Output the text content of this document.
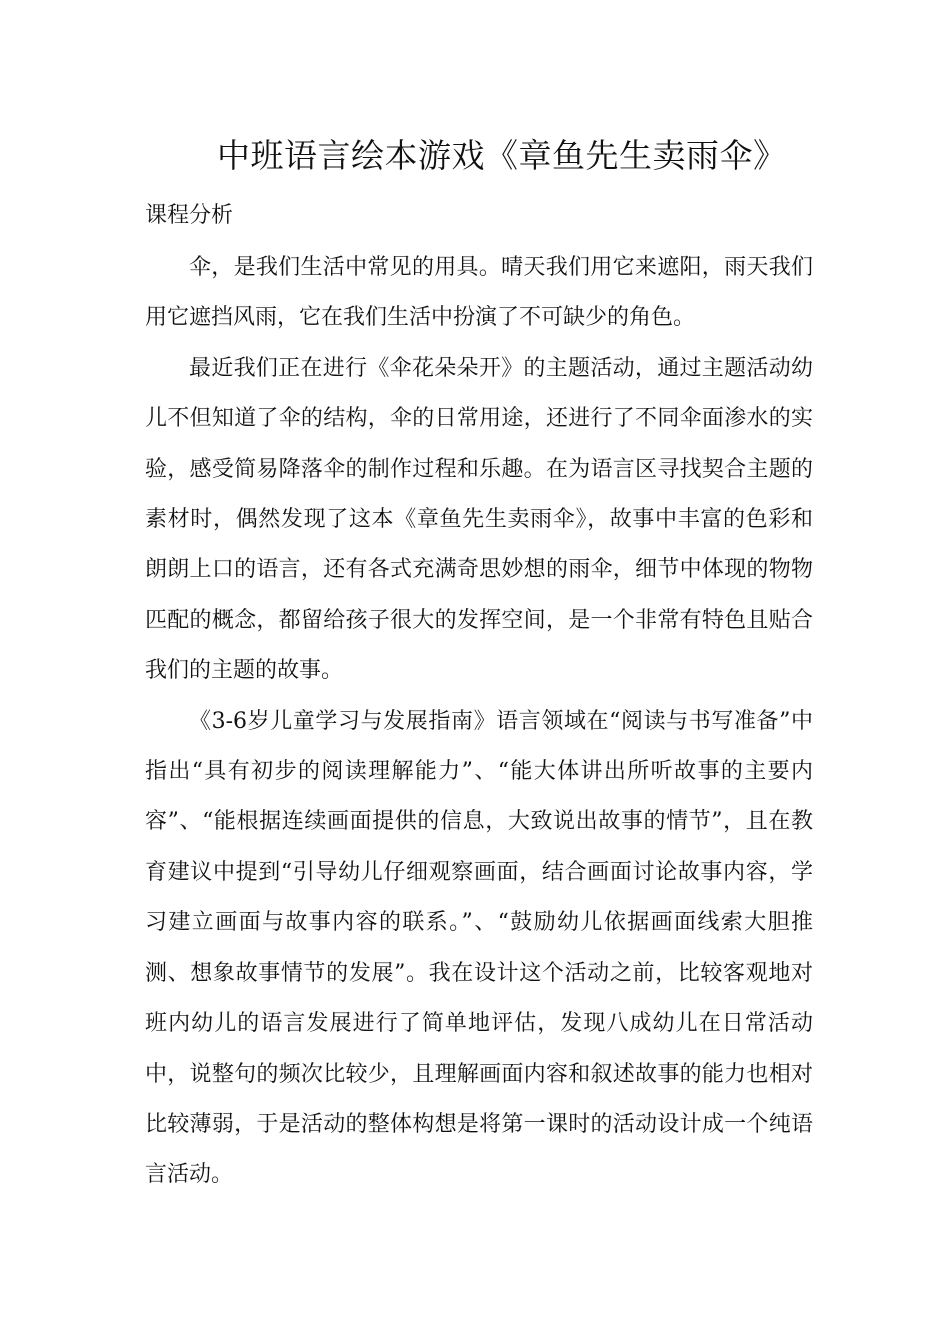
中班语言绘本游戏《章鱼先生卖雨伞》
课程分析

伞，是我们生活中常见的用具。晴天我们用它来遮阳，雨天我们用它遮挡风雨，它在我们生活中扮演了不可缺少的角色。

最近我们正在进行《伞花朵朵开》的主题活动，通过主题活动幼儿不但知道了伞的结构，伞的日常用途，还进行了不同伞面渗水的实验，感受简易降落伞的制作过程和乐趣。在为语言区寻找契合主题的素材时，偶然发现了这本《章鱼先生卖雨伞》，故事中丰富的色彩和朗朗上口的语言，还有各式充满奇思妙想的雨伞，细节中体现的物物匹配的概念，都留给孩子很大的发挥空间，是一个非常有特色且贴合我们的主题的故事。

《3-6岁儿童学习与发展指南》语言领域在“阅读与书写准备”中指出“具有初步的阅读理解能力”、“能大体讲出所听故事的主要内容”、“能根据连续画面提供的信息，大致说出故事的情节”，且在教育建议中提到“引导幼儿仔细观察画面，结合画面讨论故事内容，学习建立画面与故事内容的联系。”、“鼓励幼儿依据画面线索大胆推测、想象故事情节的发展”。我在设计这个活动之前，比较客观地对班内幼儿的语言发展进行了简单地评估，发现八成幼儿在日常活动中，说整句的频次比较少，且理解画面内容和叙述故事的能力也相对比较薄弱，于是活动的整体构想是将第一课时的活动设计成一个纯语言活动。
